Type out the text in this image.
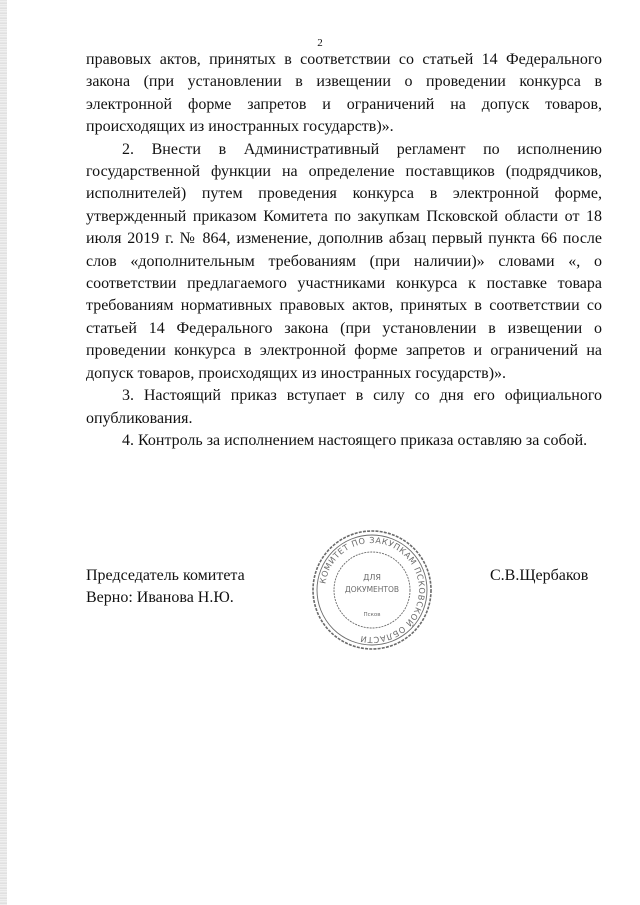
2

правовых актов, принятых в соответствии со статьей 14 Федерального закона (при установлении в извещении о проведении конкурса в электронной форме запретов и ограничений на допуск товаров, происходящих из иностранных государств)».

2. Внести в Административный регламент по исполнению государственной функции на определение поставщиков (подрядчиков, исполнителей) путем проведения конкурса в электронной форме, утвержденный приказом Комитета по закупкам Псковской области от 18 июля 2019 г. № 864, изменение, дополнив абзац первый пункта 66 после слов «дополнительным требованиям (при наличии)» словами «, о соответствии предлагаемого участниками конкурса к поставке товара требованиям нормативных правовых актов, принятых в соответствии со статьей 14 Федерального закона (при установлении в извещении о проведении конкурса в электронной форме запретов и ограничений на допуск товаров, происходящих из иностранных государств)».

3. Настоящий приказ вступает в силу со дня его официального опубликования.

4. Контроль за исполнением настоящего приказа оставляю за собой.

Председатель комитета
Верно: Иванова Н.Ю.
С.В.Щербаков
КОМИТЕТ ПО ЗАКУПКАМ ПСКОВСКОЙ ОБЛАСТИ
ДЛЯ
ДОКУМЕНТОВ
Псков
